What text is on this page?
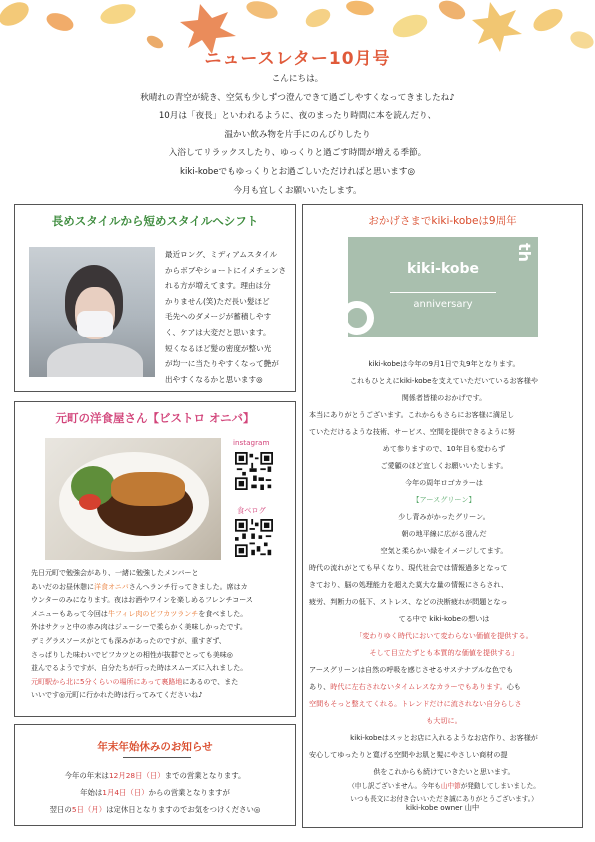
ニュースレター10月号
こんにちは。
秋晴れの青空が続き、空気も少しずつ澄んできて過ごしやすくなってきましたね♪
10月は「夜長」といわれるように、夜のまったり時間に本を読んだり、
温かい飲み物を片手にのんびりしたり
入浴してリラックスしたり、ゆっくりと過ごす時間が増える季節。
kiki-kobeでもゆっくりとお過ごしいただければと思います◎
今月も宜しくお願いいたします。
長めスタイルから短めスタイルへシフト
最近ロング、ミディアムスタイル
からボブやショートにイメチェンさ
れる方が増えてます。理由は分
かりません(笑)ただ長い髪ほど
毛先へのダメージが蓄積しやす
く、ケアは大変だと思います。
短くなるほど髪の密度が整い光
が均一に当たりやすくなって艶が
出やすくなるかと思います◎
元町の洋食屋さん【ビストロ オニバ】
instagram
食べログ
先日元町で勉強会があり、一緒に勉強したメンバーと
あいだのお昼休憩に洋食オニバさんへランチ行ってきました。席はカ
ウンターのみになります。夜はお酒やワインを楽しめるフレンチコース
メニューもあって今回は牛フィレ肉のビフカツランチを食べました。
外はサクッと中の赤み肉はジューシーで柔らかく美味しかったです。
デミグラスソースがとても深みがあったのですが、重すぎず、
さっぱりした味わいでビフカツとの相性が抜群でとっても美味◎
並んでるようですが、自分たちが行った時はスムーズに入れました。
元町駅から北に5分くらいの場所にあって裏路地にあるので、また
いいです◎元町に行かれた時は行ってみてくださいね♪
年末年始休みのお知らせ
今年の年末は12月28日（日）までの営業となります。
年始は1月4日（日）からの営業となりますが
翌日の5日（月）は定休日となりますのでお気をつけください◎
おかげさまでkiki-kobeは9周年
kiki-kobe
anniversary
th
kiki-kobeは今年の9月1日で丸9年となります。
これもひとえにkiki-kobeを支えていただいているお客様や
関係者皆様のおかげです。
本当にありがとうございます。これからもさらにお客様に満足し
ていただけるような技術、サービス、空間を提供できるように努
めて参りますので、10年目も変わらず
ご愛顧のほど宜しくお願いいたします。
今年の周年ロゴカラーは
【アースグリーン】
少し青みがかったグリーン。
朝の地平線に広がる澄んだ
空気と柔らかい緑をイメージしてます。
時代の流れがとても早くなり、現代社会では情報過多となって
きており、脳の処理能力を超えた莫大な量の情報にさらされ、
疲労、判断力の低下、ストレス、などの決断疲れが問題となっ
てる中で kiki-kobeの想いは
「変わりゆく時代において変わらない価値を提供する。
そして目立たずとも本質的な価値を提供する」
アースグリーンは自然の呼吸を感じさせるサステナブルな色でも
あり、時代に左右されないタイムレスなカラーでもあります。心も
空間もそっと整えてくれる。トレンドだけに流されない自分らしさ
も大切に。
kiki-kobeはスッとお店に入れるようなお店作り、お客様が
安心してゆったりと寛げる空間やお肌と髪にやさしい商材の提
供をこれからも続けていきたいと思います。
（申し訳ございません。今年も山中節が発動してしまいました。
いつも長文にお付き合いいただき誠にありがとうございます。）
kiki-kobe owner 山中
